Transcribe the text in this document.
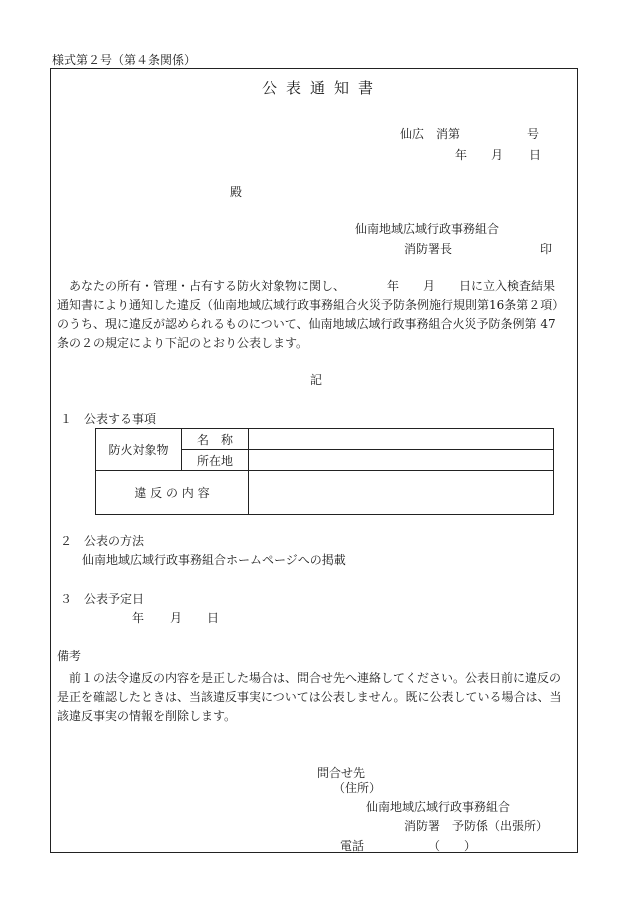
様式第２号（第４条関係）
公表通知書
仙広　消第	号
年 月 日
殿
仙南地域広域行政事務組合
消防署長	印

あなたの所有・管理・占有する防火対象物に関し、　　　　年　　月　　日に立入検査結果

通知書により通知した違反（仙南地域広域行政事務組合火災予防条例施行規則第16条第２項）

のうち、現に違反が認められるものについて、仙南地域広域行政事務組合火災予防条例第 47

条の２の規定により下記のとおり公表します。

記
１　公表する事項
防火対象物	名　称	
	所在地	
違 反 の 内 容		
２　公表の方法
仙南地域広域行政事務組合ホームページへの掲載
３　公表予定日
年 月 日
備考

前１の法令違反の内容を是正した場合は、問合せ先へ連絡してください。公表日前に違反の

是正を確認したときは、当該違反事実については公表しません。既に公表している場合は、当

該違反事実の情報を削除します。

問合せ先
（住所）
仙南地域広域行政事務組合
消防署　予防係（出張所）
電話	（　　）
